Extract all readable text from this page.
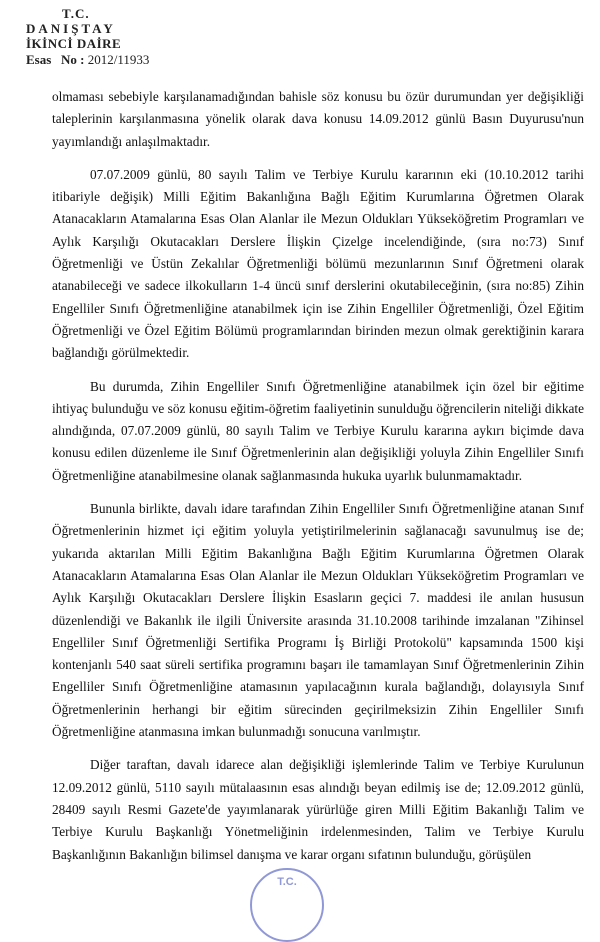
T.C.
DANIŞTAY
İKİNCİ DAİRE
Esas No : 2012/11933

olmaması sebebiyle karşılanamadığından bahisle söz konusu bu özür durumundan yer değişikliği taleplerinin karşılanmasına yönelik olarak dava konusu 14.09.2012 günlü Basın Duyurusu'nun yayımlandığı anlaşılmaktadır.

07.07.2009 günlü, 80 sayılı Talim ve Terbiye Kurulu kararının eki (10.10.2012 tarihi itibariyle değişik) Milli Eğitim Bakanlığına Bağlı Eğitim Kurumlarına Öğretmen Olarak Atanacakların Atamalarına Esas Olan Alanlar ile Mezun Oldukları Yükseköğretim Programları ve Aylık Karşılığı Okutacakları Derslere İlişkin Çizelge incelendiğinde, (sıra no:73) Sınıf Öğretmenliği ve Üstün Zekalılar Öğretmenliği bölümü mezunlarının Sınıf Öğretmeni olarak atanabileceği ve sadece ilkokulların 1-4 üncü sınıf derslerini okutabileceğinin, (sıra no:85) Zihin Engelliler Sınıfı Öğretmenliğine atanabilmek için ise Zihin Engelliler Öğretmenliği, Özel Eğitim Öğretmenliği ve Özel Eğitim Bölümü programlarından birinden mezun olmak gerektiğinin karara bağlandığı görülmektedir.

Bu durumda, Zihin Engelliler Sınıfı Öğretmenliğine atanabilmek için özel bir eğitime ihtiyaç bulunduğu ve söz konusu eğitim-öğretim faaliyetinin sunulduğu öğrencilerin niteliği dikkate alındığında, 07.07.2009 günlü, 80 sayılı Talim ve Terbiye Kurulu kararına aykırı biçimde dava konusu edilen düzenleme ile Sınıf Öğretmenlerinin alan değişikliği yoluyla Zihin Engelliler Sınıfı Öğretmenliğine atanabilmesine olanak sağlanmasında hukuka uyarlık bulunmamaktadır.

Bununla birlikte, davalı idare tarafından Zihin Engelliler Sınıfı Öğretmenliğine atanan Sınıf Öğretmenlerinin hizmet içi eğitim yoluyla yetiştirilmelerinin sağlanacağı savunulmuş ise de; yukarıda aktarılan Milli Eğitim Bakanlığına Bağlı Eğitim Kurumlarına Öğretmen Olarak Atanacakların Atamalarına Esas Olan Alanlar ile Mezun Oldukları Yükseköğretim Programları ve Aylık Karşılığı Okutacakları Derslere İlişkin Esasların geçici 7. maddesi ile anılan hususun düzenlendiği ve Bakanlık ile ilgili Üniversite arasında 31.10.2008 tarihinde imzalanan "Zihinsel Engelliler Sınıf Öğretmenliği Sertifika Programı İş Birliği Protokolü" kapsamında 1500 kişi kontenjanlı 540 saat süreli sertifika programını başarı ile tamamlayan Sınıf Öğretmenlerinin Zihin Engelliler Sınıfı Öğretmenliğine atamasının yapılacağının kurala bağlandığı, dolayısıyla Sınıf Öğretmenlerinin herhangi bir eğitim sürecinden geçirilmeksizin Zihin Engelliler Sınıfı Öğretmenliğine atanmasına imkan bulunmadığı sonucuna varılmıştır.

Diğer taraftan, davalı idarece alan değişikliği işlemlerinde Talim ve Terbiye Kurulunun 12.09.2012 günlü, 5110 sayılı mütalaasının esas alındığı beyan edilmiş ise de; 12.09.2012 günlü, 28409 sayılı Resmi Gazete'de yayımlanarak yürürlüğe giren Milli Eğitim Bakanlığı Talim ve Terbiye Kurulu Başkanlığı Yönetmeliğinin irdelenmesinden, Talim ve Terbiye Kurulu Başkanlığının Bakanlığın bilimsel danışma ve karar organı sıfatının bulunduğu, görüşülen

T.C.
